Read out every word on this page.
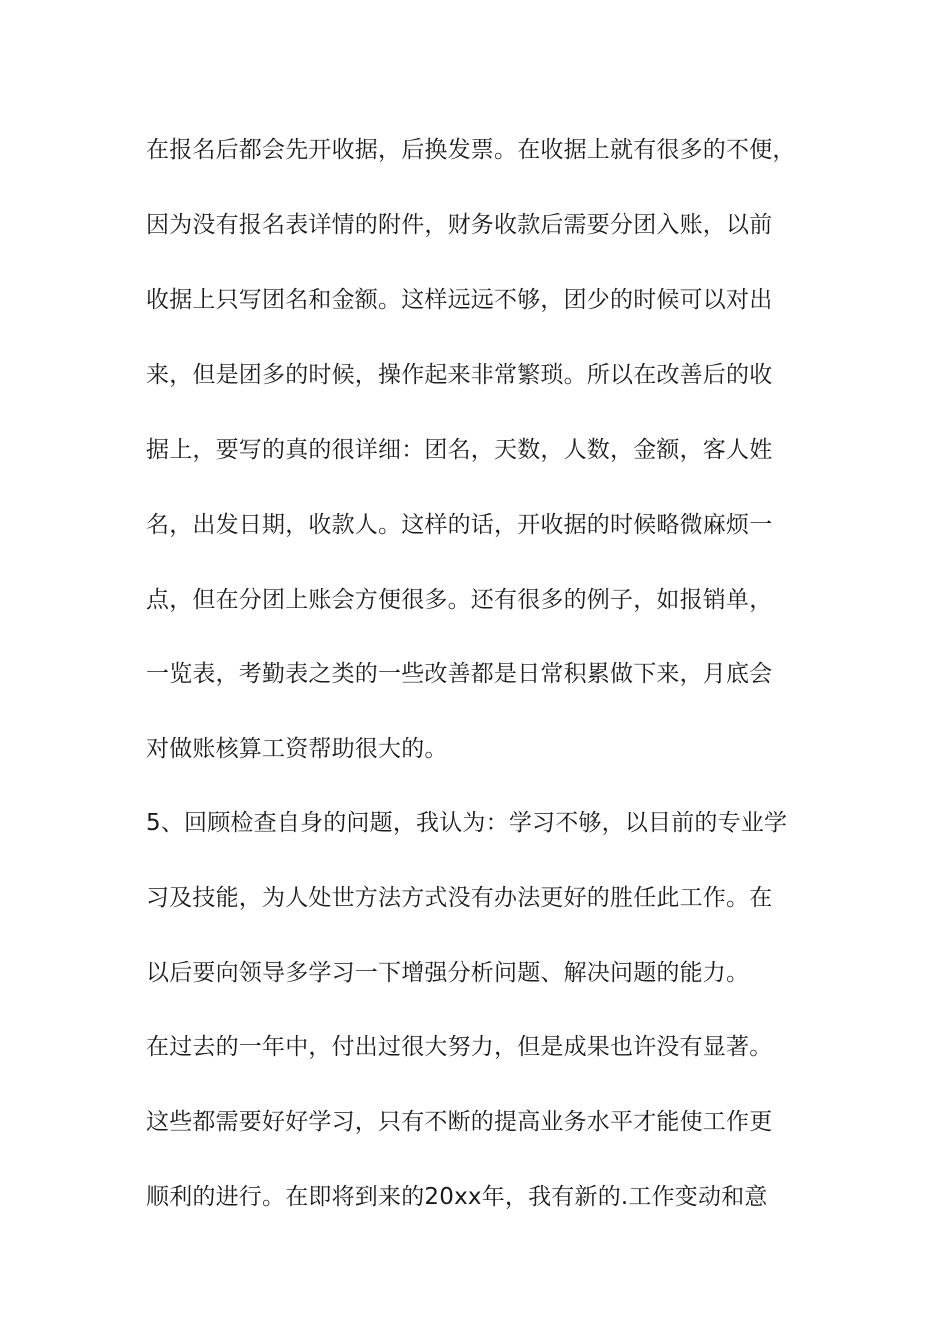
在报名后都会先开收据，后换发票。在收据上就有很多的不便，
因为没有报名表详情的附件，财务收款后需要分团入账，以前
收据上只写团名和金额。这样远远不够，团少的时候可以对出
来，但是团多的时候，操作起来非常繁琐。所以在改善后的收
据上，要写的真的很详细：团名，天数，人数，金额，客人姓
名，出发日期，收款人。这样的话，开收据的时候略微麻烦一
点，但在分团上账会方便很多。还有很多的例子，如报销单，
一览表，考勤表之类的一些改善都是日常积累做下来，月底会
对做账核算工资帮助很大的。
5、回顾检查自身的问题，我认为：学习不够，以目前的专业学
习及技能，为人处世方法方式没有办法更好的胜任此工作。在
以后要向领导多学习一下增强分析问题、解决问题的能力。
在过去的一年中，付出过很大努力，但是成果也许没有显著。
这些都需要好好学习，只有不断的提高业务水平才能使工作更
顺利的进行。在即将到来的20xx年，我有新的.工作变动和意
